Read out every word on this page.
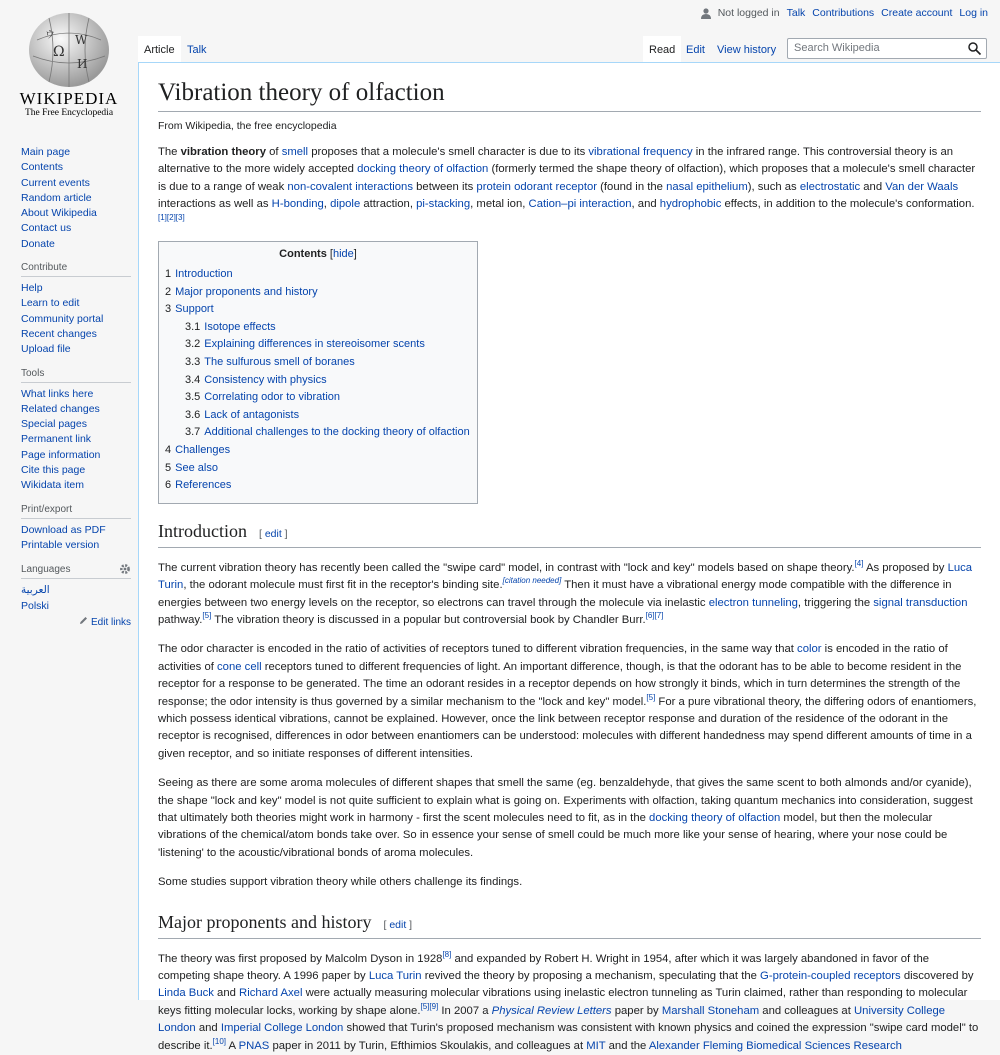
Ω
W
И
ウ
WIKIPEDIA
The Free Encyclopedia
Not logged in Talk Contributions Create account Log in
Article Talk	Read Edit View history	Search Wikipedia
Main page
Contents
Current events
Random article
About Wikipedia
Contact us
Donate
Contribute
Help
Learn to edit
Community portal
Recent changes
Upload file
Tools
What links here
Related changes
Special pages
Permanent link
Page information
Cite this page
Wikidata item
Print/export
Download as PDF
Printable version
Languages
العربية
Polski
Edit links
Vibration theory of olfaction
From Wikipedia, the free encyclopedia

The vibration theory of smell proposes that a molecule's smell character is due to its vibrational frequency in the infrared range. This controversial theory is an alternative to the more widely accepted docking theory of olfaction (formerly termed the shape theory of olfaction), which proposes that a molecule's smell character is due to a range of weak non-covalent interactions between its protein odorant receptor (found in the nasal epithelium), such as electrostatic and Van der Waals interactions as well as H-bonding, dipole attraction, pi-stacking, metal ion, Cation–pi interaction, and hydrophobic effects, in addition to the molecule's conformation.[1][2][3]

Contents [hide]
1 Introduction
2 Major proponents and history
3 Support
3.1 Isotope effects
3.2 Explaining differences in stereoisomer scents
3.3 The sulfurous smell of boranes
3.4 Consistency with physics
3.5 Correlating odor to vibration
3.6 Lack of antagonists
3.7 Additional challenges to the docking theory of olfaction
4 Challenges
5 See also
6 References
Introduction [ edit ]

The current vibration theory has recently been called the "swipe card" model, in contrast with "lock and key" models based on shape theory.[4] As proposed by Luca Turin, the odorant molecule must first fit in the receptor's binding site.[citation needed] Then it must have a vibrational energy mode compatible with the difference in energies between two energy levels on the receptor, so electrons can travel through the molecule via inelastic electron tunneling, triggering the signal transduction pathway.[5] The vibration theory is discussed in a popular but controversial book by Chandler Burr.[6][7]

The odor character is encoded in the ratio of activities of receptors tuned to different vibration frequencies, in the same way that color is encoded in the ratio of activities of cone cell receptors tuned to different frequencies of light. An important difference, though, is that the odorant has to be able to become resident in the receptor for a response to be generated. The time an odorant resides in a receptor depends on how strongly it binds, which in turn determines the strength of the response; the odor intensity is thus governed by a similar mechanism to the "lock and key" model.[5] For a pure vibrational theory, the differing odors of enantiomers, which possess identical vibrations, cannot be explained. However, once the link between receptor response and duration of the residence of the odorant in the receptor is recognised, differences in odor between enantiomers can be understood: molecules with different handedness may spend different amounts of time in a given receptor, and so initiate responses of different intensities.

Seeing as there are some aroma molecules of different shapes that smell the same (eg. benzaldehyde, that gives the same scent to both almonds and/or cyanide), the shape "lock and key" model is not quite sufficient to explain what is going on. Experiments with olfaction, taking quantum mechanics into consideration, suggest that ultimately both theories might work in harmony - first the scent molecules need to fit, as in the docking theory of olfaction model, but then the molecular vibrations of the chemical/atom bonds take over. So in essence your sense of smell could be much more like your sense of hearing, where your nose could be 'listening' to the acoustic/vibrational bonds of aroma molecules.

Some studies support vibration theory while others challenge its findings.

Major proponents and history [ edit ]

The theory was first proposed by Malcolm Dyson in 1928[8] and expanded by Robert H. Wright in 1954, after which it was largely abandoned in favor of the competing shape theory. A 1996 paper by Luca Turin revived the theory by proposing a mechanism, speculating that the G-protein-coupled receptors discovered by Linda Buck and Richard Axel were actually measuring molecular vibrations using inelastic electron tunneling as Turin claimed, rather than responding to molecular keys fitting molecular locks, working by shape alone.[5][9] In 2007 a Physical Review Letters paper by Marshall Stoneham and colleagues at University College London and Imperial College London showed that Turin's proposed mechanism was consistent with known physics and coined the expression "swipe card model" to describe it.[10] A PNAS paper in 2011 by Turin, Efthimios Skoulakis, and colleagues at MIT and the Alexander Fleming Biomedical Sciences Research
